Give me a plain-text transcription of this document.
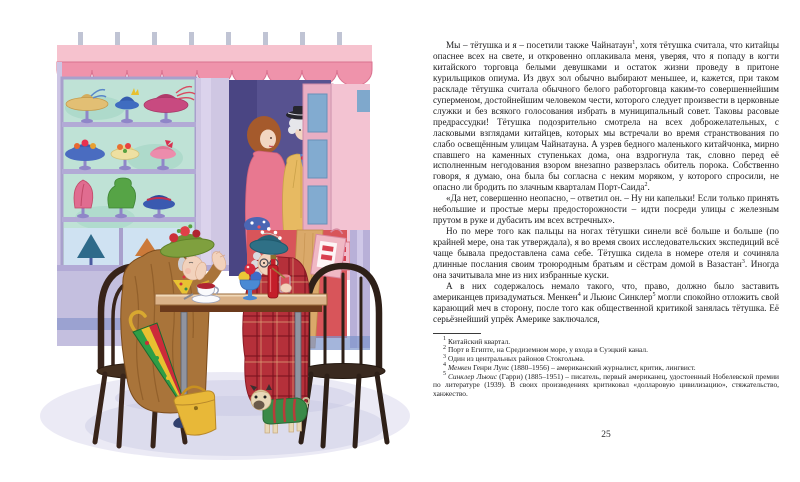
Мы – тётушка и я – посетили также Чайнатаун$^1$, хотя тётушка считала, что китайцы опаснее всех на свете, и откровенно оплакивала меня, уверяя, что я попаду в когти китайского торговца белыми девушками и остаток жизни проведу в притоне курильщиков опиума. Из двух зол обычно выбирают меньшее, и, кажется, при таком раскладе тётушка считала обычного белого работорговца каким-то совершеннейшим суперменом, достойнейшим человеком чести, которого следует произвести в церковные служки и без всякого голосования избрать в муниципальный совет. Таковы расовые предрассудки! Тётушка подозрительно смотрела на всех доброжелательных, с ласковыми взглядами китайцев, которых мы встречали во время странствования по слабо освещённым улицам Чайнатауна. А узрев бедного маленького китайчонка, мирно спавшего на каменных ступеньках дома, она вздрогнула так, словно перед её исполненным негодования взором внезапно разверзлась обитель порока. Собственно говоря, я думаю, она была бы согласна с неким моряком, у которого спросили, не опасно ли бродить по злачным кварталам Порт-Саида$^2$.

«Да нет, совершенно неопасно, – ответил он. – Ну ни капельки! Если только принять небольшие и простые меры предосторожности – идти посреди улицы с железным прутом в руке и дубасить им всех встречных».

Но по мере того как пальцы на ногах тётушки синели всё больше и больше (по крайней мере, она так утверждала), я во время своих исследовательских экспедиций всё чаще бывала предоставлена сама себе. Тётушка сидела в номере отеля и сочиняла длинные послания своим троюродным братьям и сёстрам домой в Вазастан$^3$. Иногда она зачитывала мне из них избранные куски.

А в них содержалось немало такого, что, право, должно было заставить американцев призадуматься. Менкен$^4$ и Льюис Синклер$^5$ могли спокойно отложить свой карающий меч в сторону, после того как общественной критикой занялась тётушка. Её серьёзнейший упрёк Америке заключался,

$^1$ Китайский квартал.

$^2$ Порт в Египте, на Средиземном море, у входа в Суэцкий канал.

$^3$ Один из центральных районов Стокгольма.

$^4$ Менкен Генри Луис (1880–1956) – американский журналист, критик, лингвист.

$^5$ Синклер Льюис (Гарри) (1885–1951) – писатель, первый американец, удостоенный Нобелевской премии по литературе (1939). В своих произведениях критиковал «долларовую цивилизацию», стяжательство, ханжество.

25
